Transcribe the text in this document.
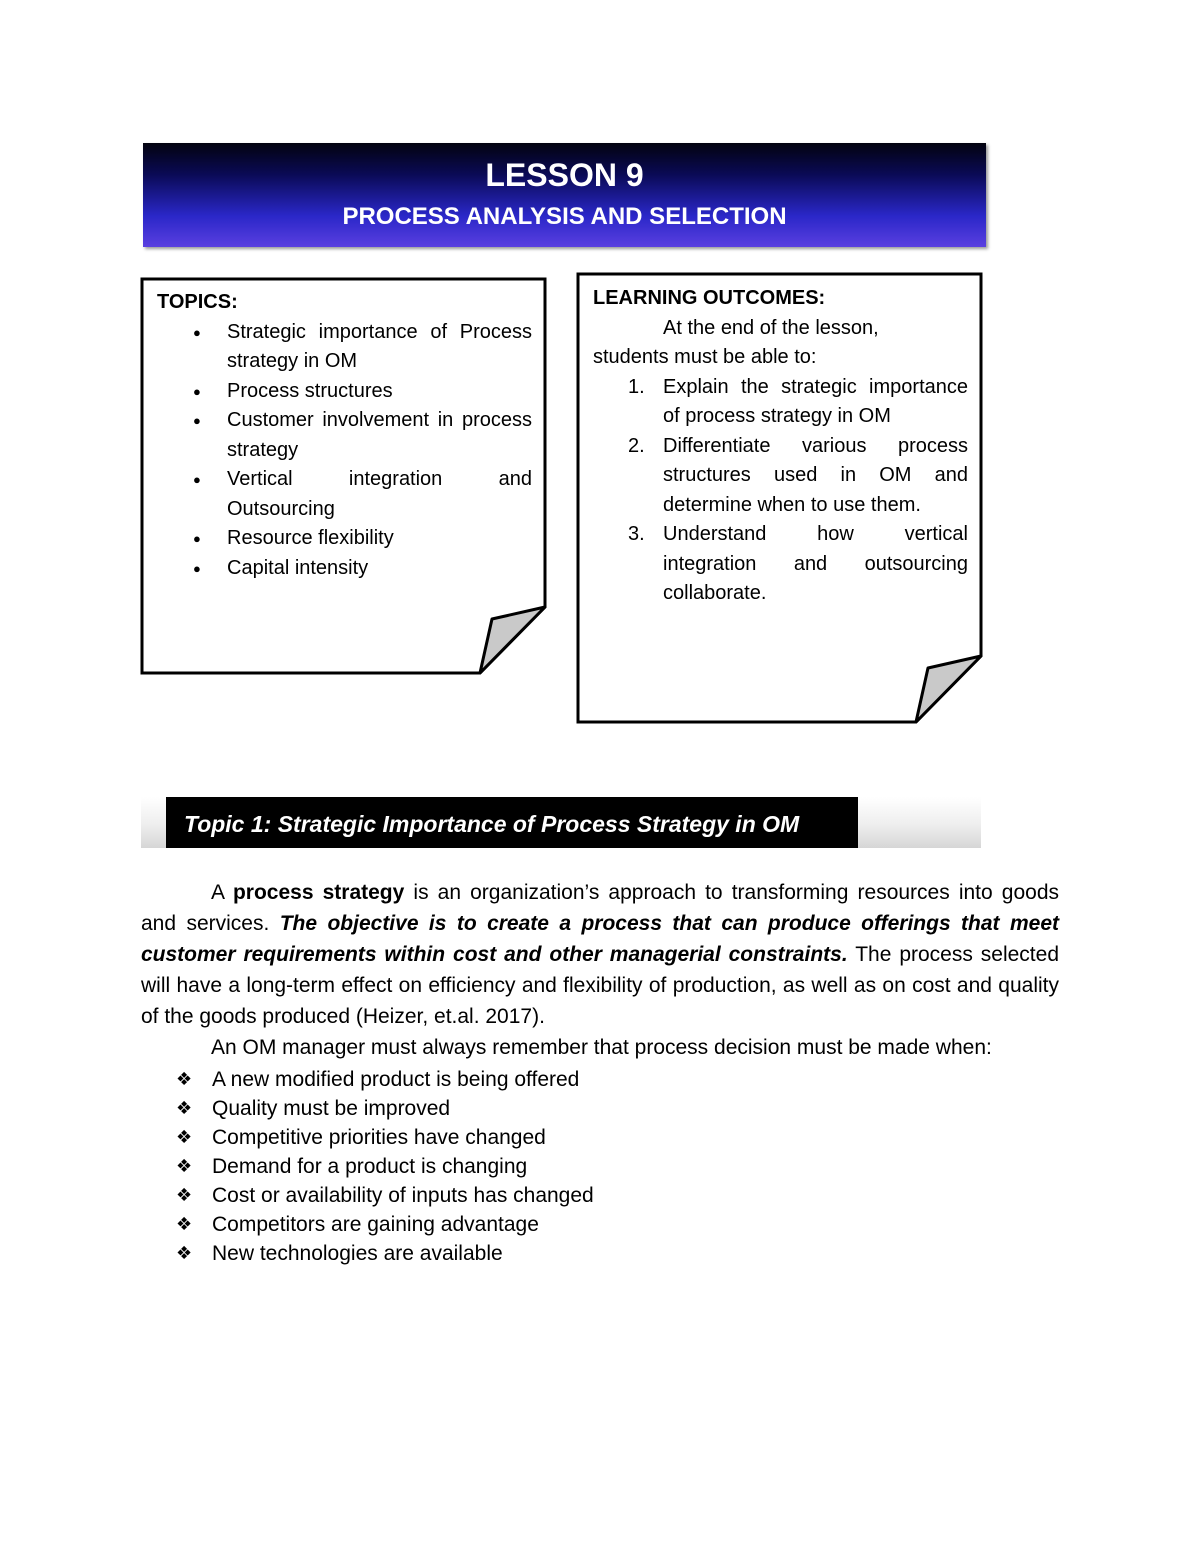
LESSON 9
PROCESS ANALYSIS AND SELECTION
TOPICS:
● Strategic importance of Process strategy in OM
● Process structures
● Customer involvement in process strategy
● Vertical integration and Outsourcing
● Resource flexibility
● Capital intensity
LEARNING OUTCOMES:
At the end of the lesson,
students must be able to:
1. Explain the strategic importance of process strategy in OM
2. Differentiate various process structures used in OM and determine when to use them.
3. Understand how vertical integration and outsourcing collaborate.
Topic 1: Strategic Importance of Process Strategy in OM

A process strategy is an organization’s approach to transforming resources into goods and services. The objective is to create a process that can produce offerings that meet customer requirements within cost and other managerial constraints. The process selected will have a long-term effect on efficiency and flexibility of production, as well as on cost and quality of the goods produced (Heizer, et.al. 2017).

An OM manager must always remember that process decision must be made when:

❖ A new modified product is being offered
❖ Quality must be improved
❖ Competitive priorities have changed
❖ Demand for a product is changing
❖ Cost or availability of inputs has changed
❖ Competitors are gaining advantage
❖ New technologies are available
